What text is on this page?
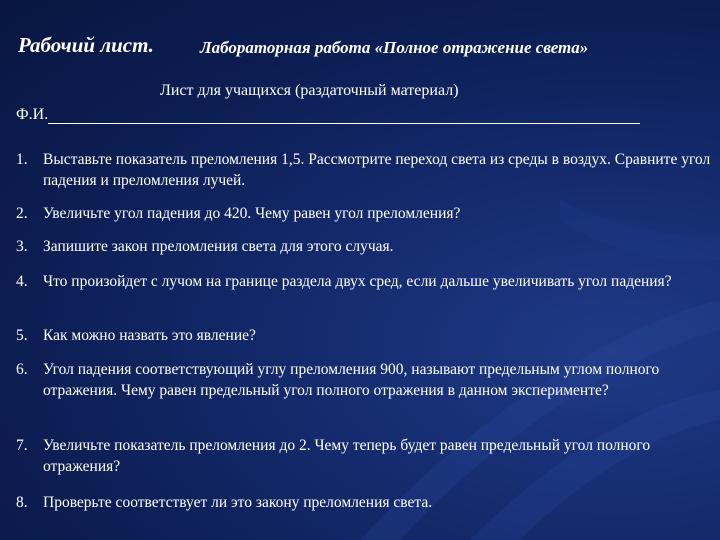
Рабочий лист.	Лабораторная работа «Полное отражение света»
Лист для учащихся (раздаточный материал)
Ф.И.
1. Выставьте показатель преломления 1,5. Рассмотрите переход света из среды в воздух. Сравните угол падения и преломления лучей.
2. Увеличьте угол падения до 420. Чему равен угол преломления?
3. Запишите закон преломления света для этого случая.
4. Что произойдет с лучом на границе раздела двух сред, если дальше увеличивать угол падения?
5. Как можно назвать это явление?
6. Угол падения соответствующий углу преломления 900, называют предельным углом полного отражения. Чему равен предельный угол полного отражения в данном эксперименте?
7. Увеличьте показатель преломления до 2. Чему теперь будет равен предельный угол полного отражения?
8. Проверьте соответствует ли это закону преломления света.
